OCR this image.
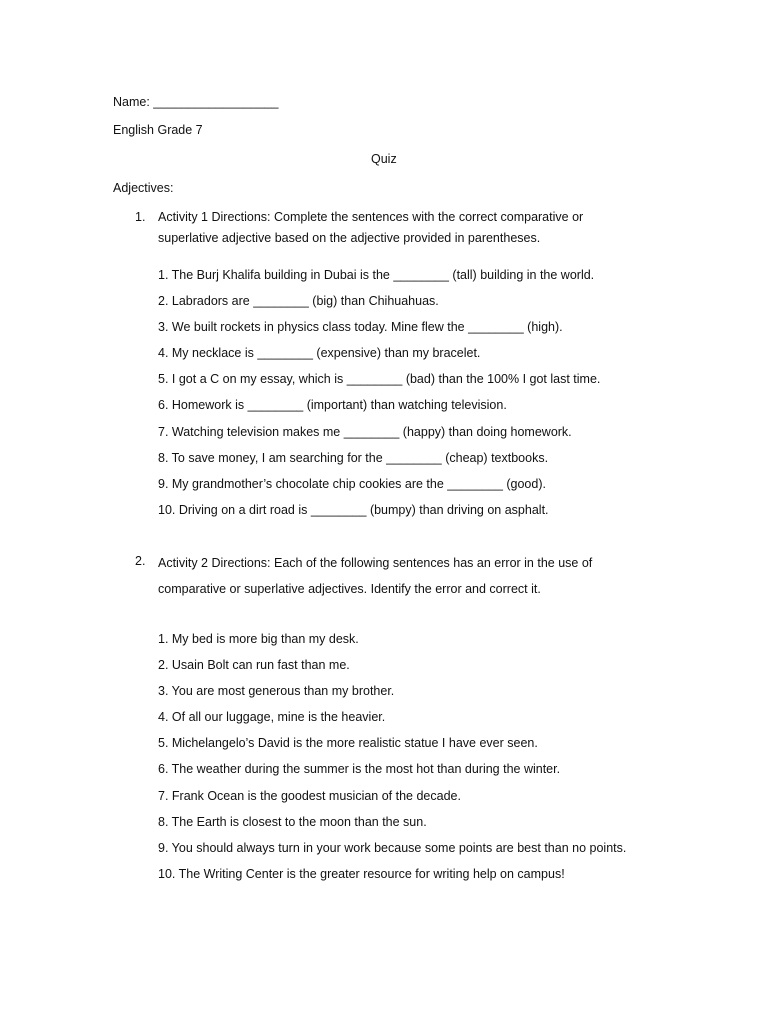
Name: __________________
English Grade 7
Quiz
Adjectives:
1. Activity 1 Directions: Complete the sentences with the correct comparative or superlative adjective based on the adjective provided in parentheses.
1. The Burj Khalifa building in Dubai is the ________ (tall) building in the world.
2. Labradors are ________ (big) than Chihuahuas.
3. We built rockets in physics class today. Mine flew the ________ (high).
4. My necklace is ________ (expensive) than my bracelet.
5. I got a C on my essay, which is ________ (bad) than the 100% I got last time.
6. Homework is ________ (important) than watching television.
7. Watching television makes me ________ (happy) than doing homework.
8. To save money, I am searching for the ________ (cheap) textbooks.
9. My grandmother’s chocolate chip cookies are the ________ (good).
10. Driving on a dirt road is ________ (bumpy) than driving on asphalt.
2. Activity 2 Directions: Each of the following sentences has an error in the use of comparative or superlative adjectives. Identify the error and correct it.
1. My bed is more big than my desk.
2. Usain Bolt can run fast than me.
3. You are most generous than my brother.
4. Of all our luggage, mine is the heavier.
5. Michelangelo’s David is the more realistic statue I have ever seen.
6. The weather during the summer is the most hot than during the winter.
7. Frank Ocean is the goodest musician of the decade.
8. The Earth is closest to the moon than the sun.
9. You should always turn in your work because some points are best than no points.
10. The Writing Center is the greater resource for writing help on campus!
